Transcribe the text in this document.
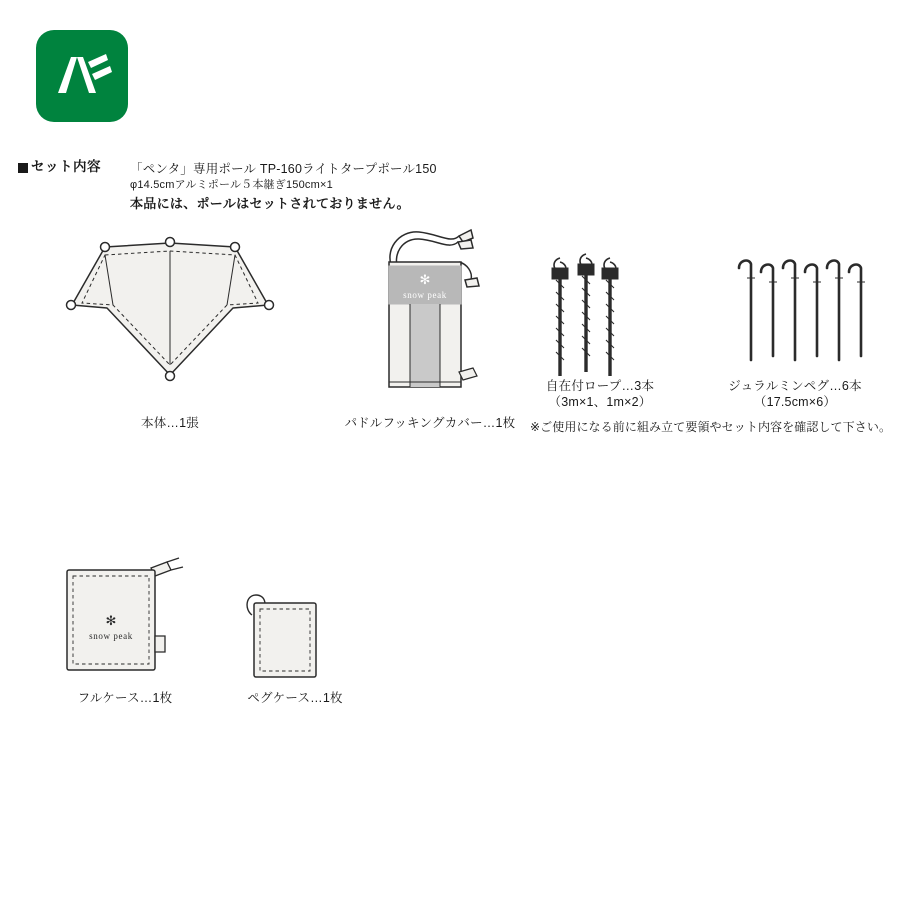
セット内容 「ペンタ」専用ポール TP-160ライトタープポール150
φ14.5cmアルミポール５本継ぎ150cm×1
本品には、ポールはセットされておりません。
本体…1張
✻
snow peak
パドルフッキングカバー…1枚
自在付ロープ…3本
（3m×1、1m×2）
ジュラルミンペグ…6本
（17.5cm×6）
※ご使用になる前に組み立て要領やセット内容を確認して下さい。
✻
snow peak
フルケース…1枚	ペグケース…1枚
